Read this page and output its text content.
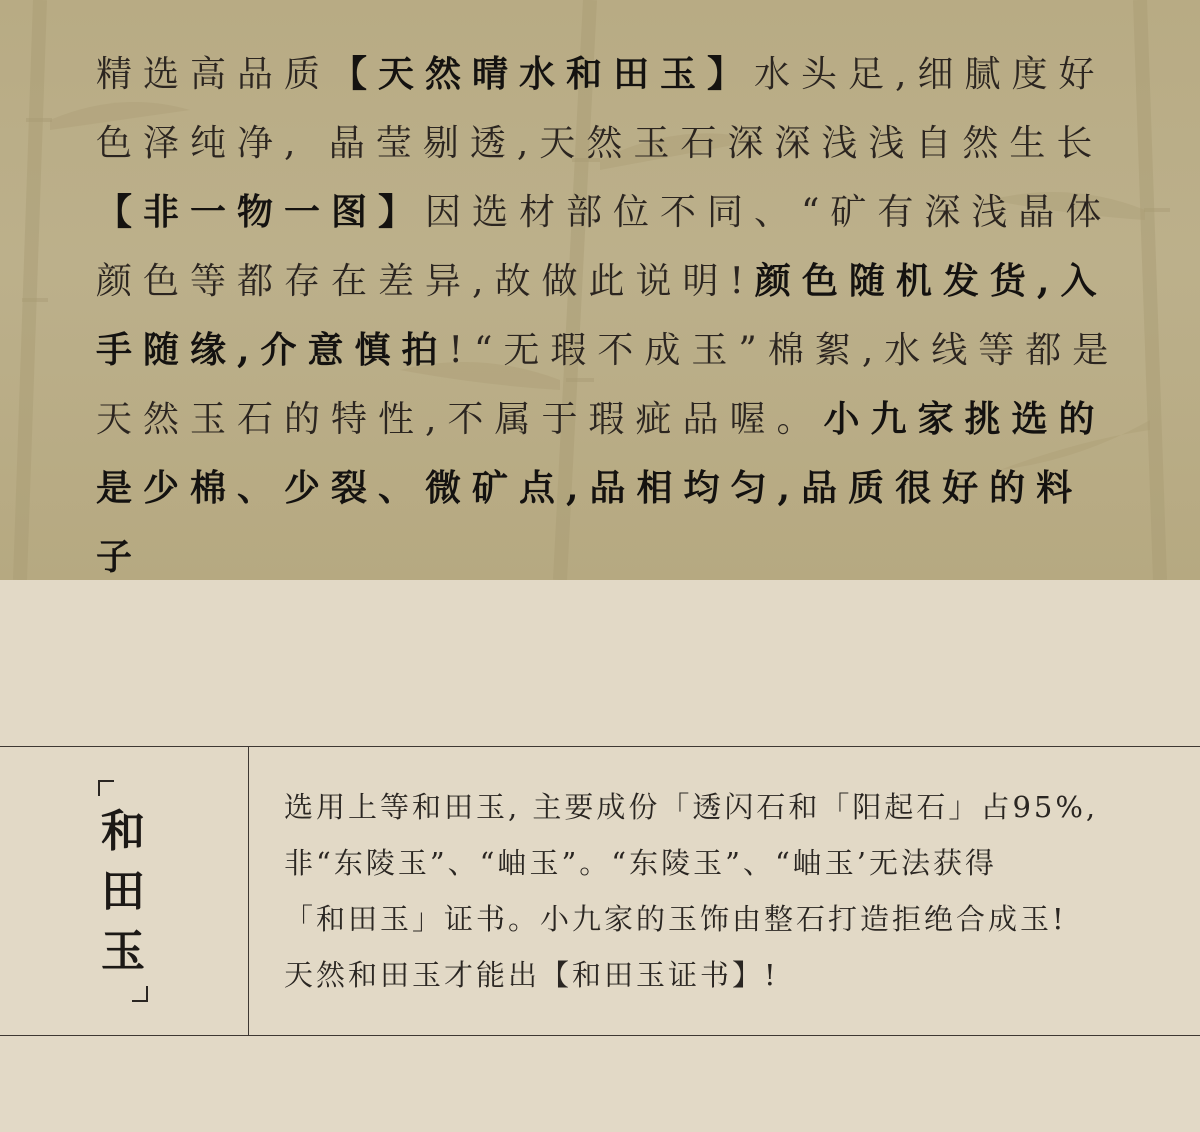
精选高品质【天然晴水和田玉】水头足,细腻度好色泽纯净, 晶莹剔透,天然玉石深深浅浅自然生长【非一物一图】因选材部位不同、“矿有深浅晶体颜色等都存在差异,故做此说明!颜色随机发货,入手随缘,介意慎拍!“无瑕不成玉”棉絮,水线等都是天然玉石的特性,不属于瑕疵品喔。小九家挑选的是少棉、少裂、微矿点,品相均匀,品质很好的料子

和
田
玉

选用上等和田玉, 主要成份「透闪石和「阳起石」占95%,
非“东陵玉”、“岫玉”。“东陵玉”、“岫玉’无法获得
「和田玉」证书。小九家的玉饰由整石打造拒绝合成玉!
天然和田玉才能出【和田玉证书】!
